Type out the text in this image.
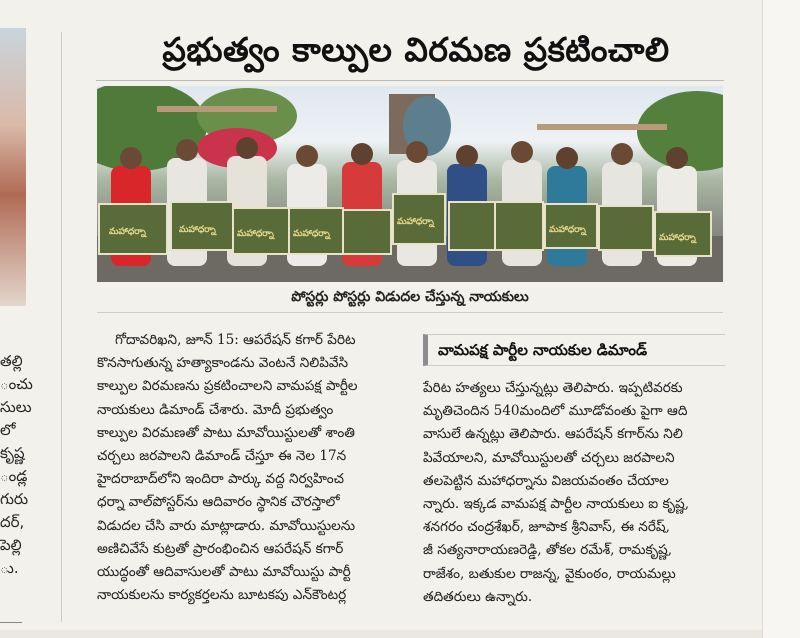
తల్లి
ంచు
సులు
లో
కృష్ణ
ండ్ల
గురు
దర్,
పెల్లి
ు.
ప్రభుత్వం కాల్పుల విరమణ ప్రకటించాలి
మహాధర్నా	మహాధర్నా మహాధర్నా మహాధర్నా
మహాధర్నా
మహాధర్నా
మహాధర్నా
పోస్టర్లు పోస్టర్లు విడుదల చేస్తున్న నాయకులు
గోదావరిఖని, జూన్ 15: ఆపరేషన్ కగార్ పేరిట
కొనసాగుతున్న హత్యాకాండను వెంటనే నిలిపివేసి
కాల్పుల విరమణను ప్రకటించాలని వామపక్ష పార్టీల
నాయకులు డిమాండ్ చేశారు. మోదీ ప్రభుత్వం
కాల్పుల విరమణతో పాటు మావోయిస్టులతో శాంతి
చర్చలు జరపాలని డిమాండ్ చేస్తూ ఈ నెల 17న
హైదరాబాద్‌లోని ఇందిరా పార్కు వద్ద నిర్వహించ
ధర్నా వాల్‌పోస్టర్‌ను ఆదివారం స్థానిక చౌరస్తాలో
విడుదల చేసి వారు మాట్లాడారు. మావోయిస్టులను
అణిచివేసే కుట్రతో ప్రారంభించిన ఆపరేషన్ కగార్
యుద్ధంతో ఆదివాసులతో పాటు మావోయిస్టు పార్టీ
నాయకులను కార్యకర్తలను బూటకపు ఎన్‌కౌంటర్ల
వామపక్ష పార్టీల నాయకుల డిమాండ్
పేరిట హత్యలు చేస్తున్నట్లు తెలిపారు. ఇప్పటివరకు
మృతిచెందిన 540మందిలో మూడోవంతు పైగా ఆది
వాసులే ఉన్నట్లు తెలిపారు. ఆపరేషన్ కగార్‌ను నిలి
పివేయాలని, మావోయిస్టులతో చర్చలు జరపాలని
తలపెట్టిన మహాధర్నాను విజయవంతం చేయాల
న్నారు. ఇక్కడ వామపక్ష పార్టీల నాయకులు ఐ కృష్ణ,
శనగరం చంద్రశేఖర్, జూపాక శ్రీనివాస్, ఈ నరేష్,
జీ సత్యనారాయణరెడ్డి, తోకల రమేశ్, రామకృష్ణ,
రాజేశం, బతుకుల రాజన్న, వైకుంఠం, రాయమల్లు
తదితరులు ఉన్నారు.
